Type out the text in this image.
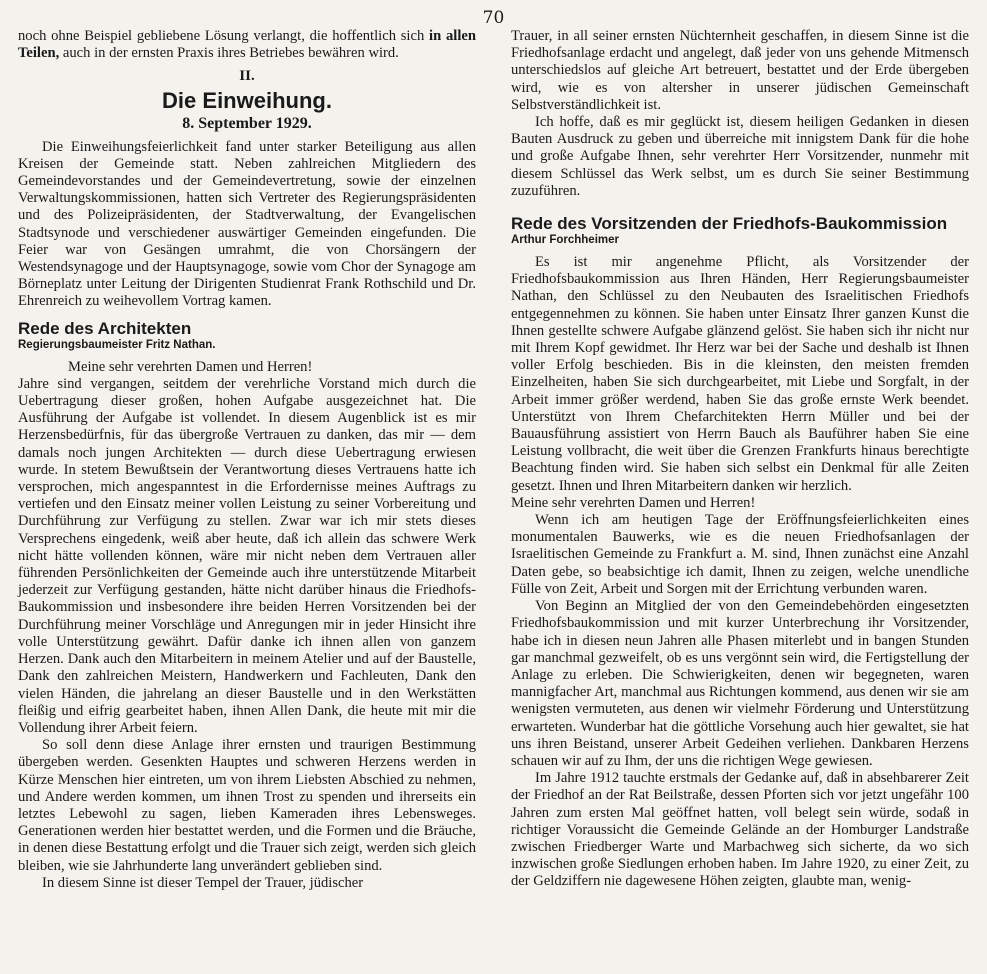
70

noch ohne Beispiel gebliebene Lösung verlangt, die hoffentlich sich in allen Teilen, auch in der ernsten Praxis ihres Betriebes bewähren wird.

II.
Die Einweihung.
8. September 1929.

Die Einweihungsfeierlichkeit fand unter starker Beteiligung aus allen Kreisen der Gemeinde statt. Neben zahlreichen Mitgliedern des Gemeindevorstandes und der Gemeindevertretung, sowie der einzelnen Verwaltungskommissionen, hatten sich Vertreter des Regierungspräsidenten und des Polizeipräsidenten, der Stadtverwaltung, der Evangelischen Stadtsynode und verschiedener auswärtiger Gemeinden eingefunden. Die Feier war von Gesängen umrahmt, die von Chorsängern der Westendsynagoge und der Hauptsynagoge, sowie vom Chor der Synagoge am Börneplatz unter Leitung der Dirigenten Studienrat Frank Rothschild und Dr. Ehrenreich zu weihevollem Vortrag kamen.

Rede des Architekten
Regierungsbaumeister Fritz Nathan.

Meine sehr verehrten Damen und Herren!

Jahre sind vergangen, seitdem der verehrliche Vorstand mich durch die Uebertragung dieser großen, hohen Aufgabe ausgezeichnet hat. Die Ausführung der Aufgabe ist vollendet. In diesem Augenblick ist es mir Herzensbedürfnis, für das übergroße Vertrauen zu danken, das mir — dem damals noch jungen Architekten — durch diese Uebertragung erwiesen wurde. In stetem Bewußtsein der Verantwortung dieses Vertrauens hatte ich versprochen, mich angespanntest in die Erfordernisse meines Auftrags zu vertiefen und den Einsatz meiner vollen Leistung zu seiner Vorbereitung und Durchführung zur Verfügung zu stellen. Zwar war ich mir stets dieses Versprechens eingedenk, weiß aber heute, daß ich allein das schwere Werk nicht hätte vollenden können, wäre mir nicht neben dem Vertrauen aller führenden Persönlichkeiten der Gemeinde auch ihre unterstützende Mitarbeit jederzeit zur Verfügung gestanden, hätte nicht darüber hinaus die Friedhofs-Baukommission und insbesondere ihre beiden Herren Vorsitzenden bei der Durchführung meiner Vorschläge und Anregungen mir in jeder Hinsicht ihre volle Unterstützung gewährt. Dafür danke ich ihnen allen von ganzem Herzen. Dank auch den Mitarbeitern in meinem Atelier und auf der Baustelle, Dank den zahlreichen Meistern, Handwerkern und Fachleuten, Dank den vielen Händen, die jahrelang an dieser Baustelle und in den Werkstätten fleißig und eifrig gearbeitet haben, ihnen Allen Dank, die heute mit mir die Vollendung ihrer Arbeit feiern.

So soll denn diese Anlage ihrer ernsten und traurigen Bestimmung übergeben werden. Gesenkten Hauptes und schweren Herzens werden in Kürze Menschen hier eintreten, um von ihrem Liebsten Abschied zu nehmen, und Andere werden kommen, um ihnen Trost zu spenden und ihrerseits ein letztes Lebewohl zu sagen, lieben Kameraden ihres Lebensweges. Generationen werden hier bestattet werden, und die Formen und die Bräuche, in denen diese Bestattung erfolgt und die Trauer sich zeigt, werden sich gleich bleiben, wie sie Jahrhunderte lang unverändert geblieben sind.

In diesem Sinne ist dieser Tempel der Trauer, jüdischer

Trauer, in all seiner ernsten Nüchternheit geschaffen, in diesem Sinne ist die Friedhofsanlage erdacht und angelegt, daß jeder von uns gehende Mitmensch unterschiedslos auf gleiche Art betreuert, bestattet und der Erde übergeben wird, wie es von altersher in unserer jüdischen Gemeinschaft Selbstverständlichkeit ist.

Ich hoffe, daß es mir geglückt ist, diesem heiligen Gedanken in diesen Bauten Ausdruck zu geben und überreiche mit innigstem Dank für die hohe und große Aufgabe Ihnen, sehr verehrter Herr Vorsitzender, nunmehr mit diesem Schlüssel das Werk selbst, um es durch Sie seiner Bestimmung zuzuführen.

Rede des Vorsitzenden der Friedhofs-Baukommission
Arthur Forchheimer

Es ist mir angenehme Pflicht, als Vorsitzender der Friedhofsbaukommission aus Ihren Händen, Herr Regierungsbaumeister Nathan, den Schlüssel zu den Neubauten des Israelitischen Friedhofs entgegennehmen zu können. Sie haben unter Einsatz Ihrer ganzen Kunst die Ihnen gestellte schwere Aufgabe glänzend gelöst. Sie haben sich ihr nicht nur mit Ihrem Kopf gewidmet. Ihr Herz war bei der Sache und deshalb ist Ihnen voller Erfolg beschieden. Bis in die kleinsten, den meisten fremden Einzelheiten, haben Sie sich durchgearbeitet, mit Liebe und Sorgfalt, in der Arbeit immer größer werdend, haben Sie das große ernste Werk beendet. Unterstützt von Ihrem Chefarchitekten Herrn Müller und bei der Bauausführung assistiert von Herrn Bauch als Bauführer haben Sie eine Leistung vollbracht, die weit über die Grenzen Frankfurts hinaus berechtigte Beachtung finden wird. Sie haben sich selbst ein Denkmal für alle Zeiten gesetzt. Ihnen und Ihren Mitarbeitern danken wir herzlich.

Meine sehr verehrten Damen und Herren!

Wenn ich am heutigen Tage der Eröffnungsfeierlichkeiten eines monumentalen Bauwerks, wie es die neuen Friedhofsanlagen der Israelitischen Gemeinde zu Frankfurt a. M. sind, Ihnen zunächst eine Anzahl Daten gebe, so beabsichtige ich damit, Ihnen zu zeigen, welche unendliche Fülle von Zeit, Arbeit und Sorgen mit der Errichtung verbunden waren.

Von Beginn an Mitglied der von den Gemeindebehörden eingesetzten Friedhofsbaukommission und mit kurzer Unterbrechung ihr Vorsitzender, habe ich in diesen neun Jahren alle Phasen miterlebt und in bangen Stunden gar manchmal gezweifelt, ob es uns vergönnt sein wird, die Fertigstellung der Anlage zu erleben. Die Schwierigkeiten, denen wir begegneten, waren mannigfacher Art, manchmal aus Richtungen kommend, aus denen wir sie am wenigsten vermuteten, aus denen wir vielmehr Förderung und Unterstützung erwarteten. Wunderbar hat die göttliche Vorsehung auch hier gewaltet, sie hat uns ihren Beistand, unserer Arbeit Gedeihen verliehen. Dankbaren Herzens schauen wir auf zu Ihm, der uns die richtigen Wege gewiesen.

Im Jahre 1912 tauchte erstmals der Gedanke auf, daß in absehbarerer Zeit der Friedhof an der Rat Beilstraße, dessen Pforten sich vor jetzt ungefähr 100 Jahren zum ersten Mal geöffnet hatten, voll belegt sein würde, sodaß in richtiger Voraussicht die Gemeinde Gelände an der Homburger Landstraße zwischen Friedberger Warte und Marbachweg sich sicherte, da wo sich inzwischen große Siedlungen erhoben haben. Im Jahre 1920, zu einer Zeit, zu der Geldziffern nie dagewesene Höhen zeigten, glaubte man, wenig-
